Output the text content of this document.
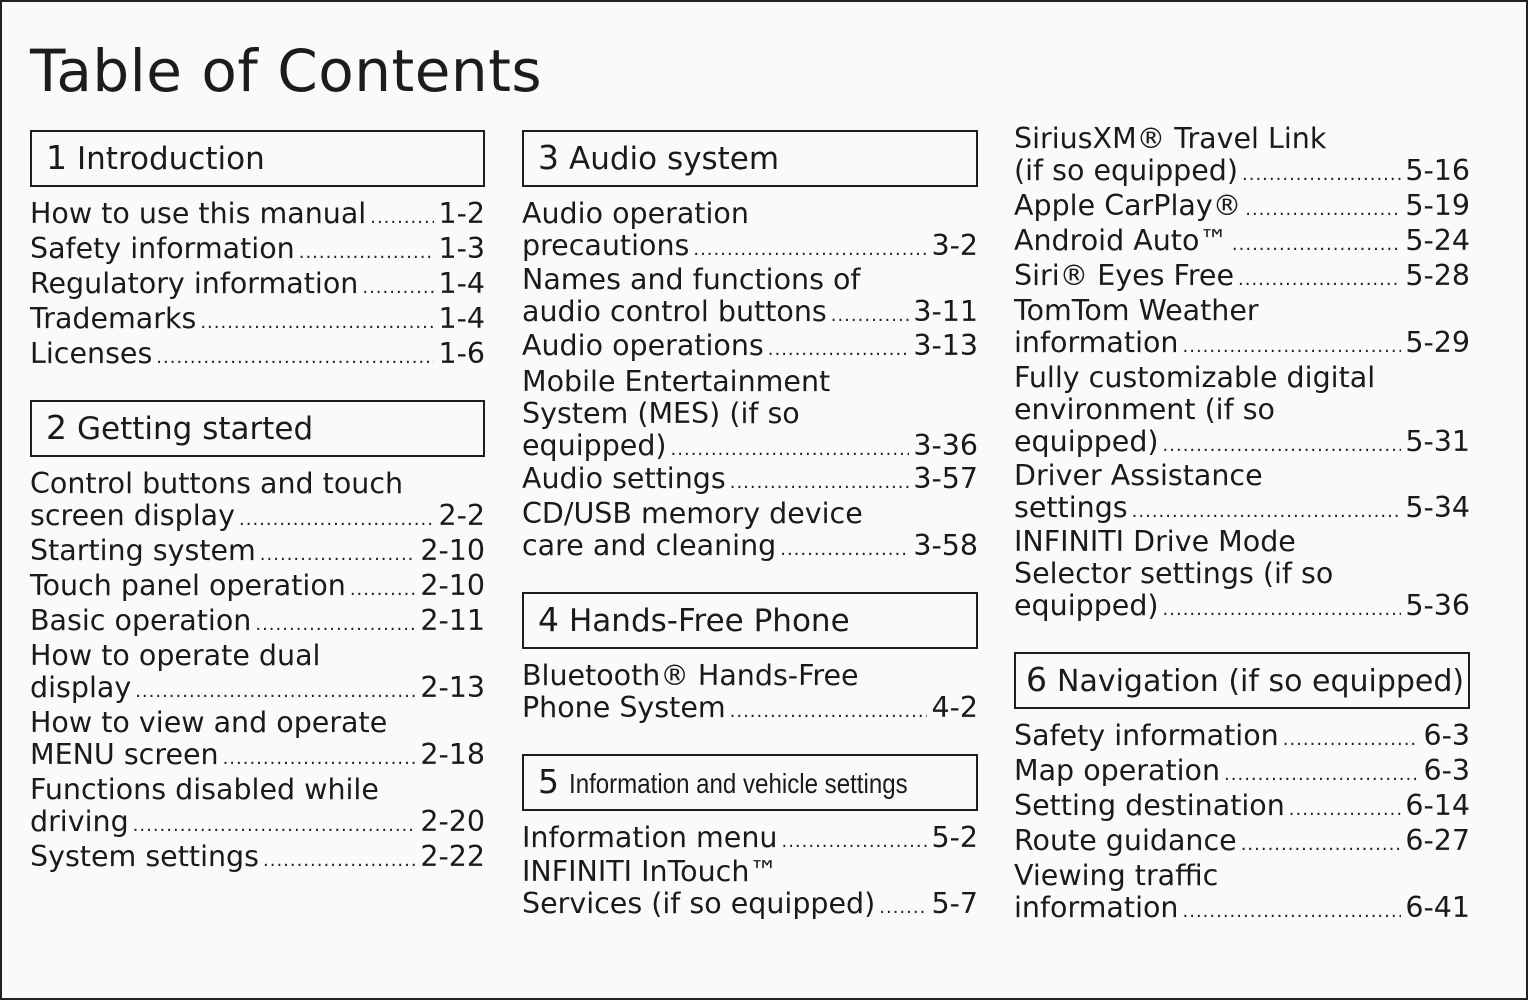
Table of Contents
1 Introduction
How to use this manual .....	1-2
Safety information .....	1-3
Regulatory information .....	1-4
Trademarks .....	1-4
Licenses .....	1-6
2 Getting started
Control buttons and touch
screen display .....	2-2
Starting system .....	2-10
Touch panel operation .....	2-10
Basic operation .....	2-11
How to operate dual
display .....	2-13
How to view and operate
MENU screen .....	2-18
Functions disabled while
driving .....	2-20
System settings .....	2-22
3 Audio system
Audio operation
precautions .....	3-2
Names and functions of
audio control buttons .....	3-11
Audio operations .....	3-13
Mobile Entertainment
System (MES) (if so
equipped) .....	3-36
Audio settings .....	3-57
CD/USB memory device
care and cleaning .....	3-58
4 Hands-Free Phone
Bluetooth® Hands-Free
Phone System .....	4-2
5 Information and vehicle settings
Information menu .....	5-2
INFINITI InTouch™
Services (if so equipped) ..... 5-7
SiriusXM® Travel Link
(if so equipped) .....	5-16
Apple CarPlay® .....	5-19
Android Auto™ .....	5-24
Siri® Eyes Free .....	5-28
TomTom Weather
information .....	5-29
Fully customizable digital
environment (if so
equipped) .....	5-31
Driver Assistance
settings .....	5-34
INFINITI Drive Mode
Selector settings (if so
equipped) .....	5-36
6 Navigation (if so equipped)
Safety information .....	6-3
Map operation .....	6-3
Setting destination .....	6-14
Route guidance .....	6-27
Viewing traffic
information .....	6-41
